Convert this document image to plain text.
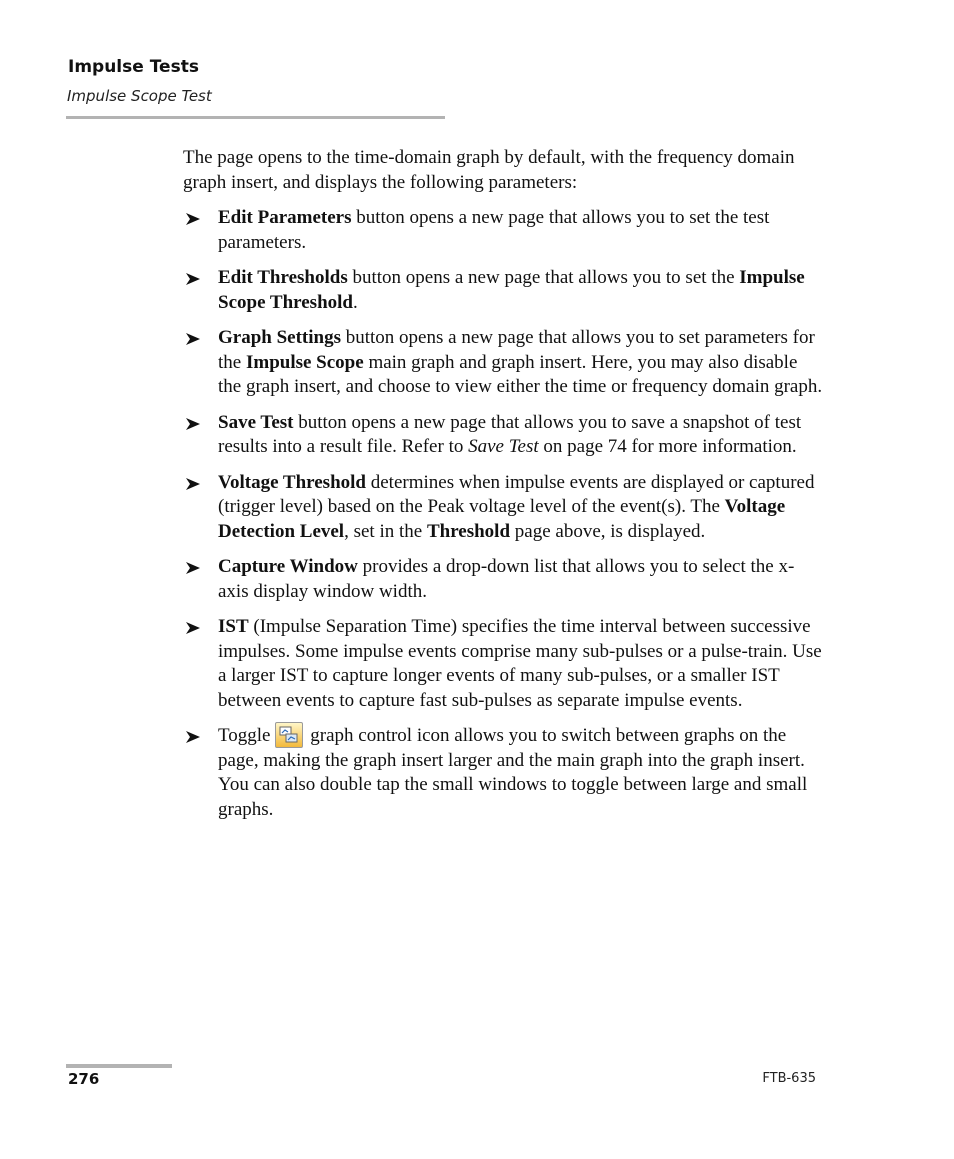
Impulse Tests
Impulse Scope Test

The page opens to the time-domain graph by default, with the frequency domain graph insert, and displays the following parameters:

Edit Parameters button opens a new page that allows you to set the test parameters.
Edit Thresholds button opens a new page that allows you to set the Impulse Scope Threshold.
Graph Settings button opens a new page that allows you to set parameters for the Impulse Scope main graph and graph insert. Here, you may also disable the graph insert, and choose to view either the time or frequency domain graph.
Save Test button opens a new page that allows you to save a snapshot of test results into a result file. Refer to Save Test on page 74 for more information.
Voltage Threshold determines when impulse events are displayed or captured (trigger level) based on the Peak voltage level of the event(s). The Voltage Detection Level, set in the Threshold page above, is displayed.
Capture Window provides a drop-down list that allows you to select the x-axis display window width.
IST (Impulse Separation Time) specifies the time interval between successive impulses. Some impulse events comprise many sub-pulses or a pulse-train. Use a larger IST to capture longer events of many sub-pulses, or a smaller IST between events to capture fast sub-pulses as separate impulse events.
Toggle
graph control icon allows you to switch between graphs on the page, making the graph insert larger and the main graph into the graph insert. You can also double tap the small windows to toggle between large and small graphs.
276	FTB-635
